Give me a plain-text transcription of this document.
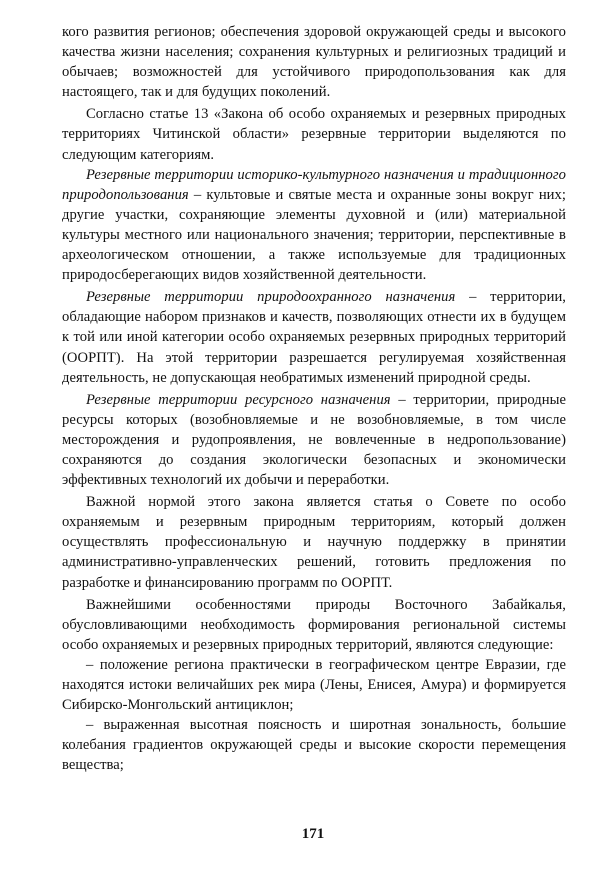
кого развития регионов; обеспечения здоровой окружающей среды и высокого качества жизни населения; сохранения культурных и религиозных традиций и обычаев; возможностей для устойчивого природопользования как для настоящего, так и для будущих поколений.

Согласно статье 13 «Закона об особо охраняемых и резервных природных территориях Читинской области» резервные территории выделяются по следующим категориям.

Резервные территории историко-культурного назначения и традиционного природопользования – культовые и святые места и охранные зоны вокруг них; другие участки, сохраняющие элементы духовной и (или) материальной культуры местного или национального значения; территории, перспективные в археологическом отношении, а также используемые для традиционных природосберегающих видов хозяйственной деятельности.

Резервные территории природоохранного назначения – территории, обладающие набором признаков и качеств, позволяющих отнести их в будущем к той или иной категории особо охраняемых резервных природных территорий (ООРПТ). На этой территории разрешается регулируемая хозяйственная деятельность, не допускающая необратимых изменений природной среды.

Резервные территории ресурсного назначения – территории, природные ресурсы которых (возобновляемые и не возобновляемые, в том числе месторождения и рудопроявления, не вовлеченные в недропользование) сохраняются до создания экологически безопасных и экономически эффективных технологий их добычи и переработки.

Важной нормой этого закона является статья о Совете по особо охраняемым и резервным природным территориям, который должен осуществлять профессиональную и научную поддержку в принятии административно-управленческих решений, готовить предложения по разработке и финансированию программ по ООРПТ.

Важнейшими особенностями природы Восточного Забайкалья, обусловливающими необходимость формирования региональной системы особо охраняемых и резервных природных территорий, являются следующие:

– положение региона практически в географическом центре Евразии, где находятся истоки величайших рек мира (Лены, Енисея, Амура) и формируется Сибирско-Монгольский антициклон;

– выраженная высотная поясность и широтная зональность, большие колебания градиентов окружающей среды и высокие скорости перемещения вещества;

171
